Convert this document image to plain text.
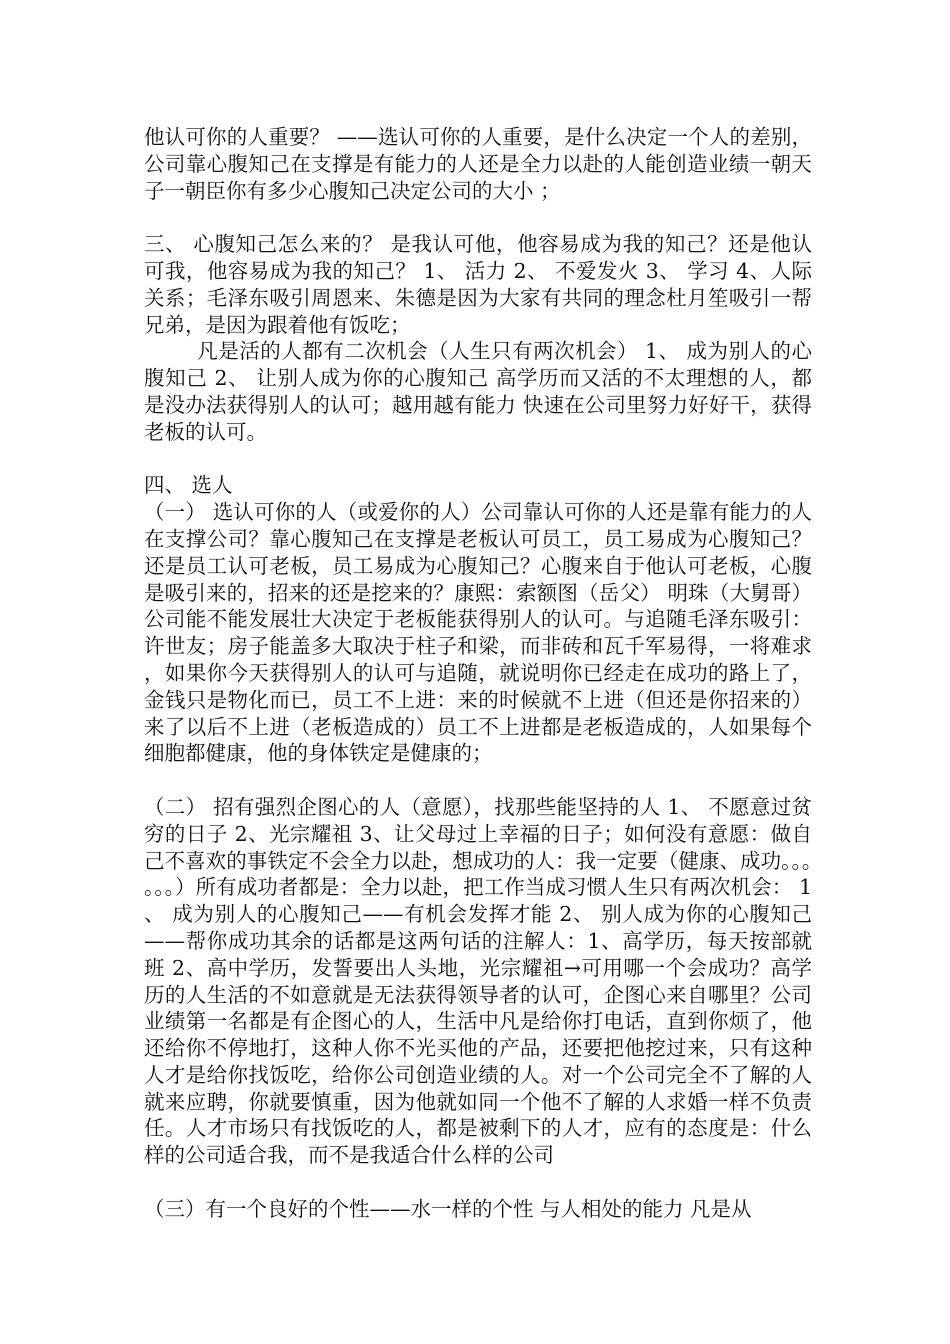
他认可你的人重要？ ——选认可你的人重要，是什么决定一个人的差别，公司靠心腹知己在支撑是有能力的人还是全力以赴的人能创造业绩一朝天子一朝臣你有多少心腹知己决定公司的大小 ；

三、 心腹知己怎么来的？ 是我认可他，他容易成为我的知己？还是他认可我，他容易成为我的知己？ 1、 活力 2、 不爱发火 3、 学习 4、人际关系；毛泽东吸引周恩来、朱德是因为大家有共同的理念杜月笙吸引一帮兄弟，是因为跟着他有饭吃；

凡是活的人都有二次机会（人生只有两次机会） 1、 成为别人的心腹知己 2、 让别人成为你的心腹知己 高学历而又活的不太理想的人，都是没办法获得别人的认可；越用越有能力 快速在公司里努力好好干，获得老板的认可。

四、 选人

（一） 选认可你的人（或爱你的人）公司靠认可你的人还是靠有能力的人在支撑公司？靠心腹知己在支撑是老板认可员工，员工易成为心腹知己？还是员工认可老板，员工易成为心腹知己？心腹来自于他认可老板，心腹是吸引来的，招来的还是挖来的？康熙：索额图（岳父） 明珠（大舅哥）公司能不能发展壮大决定于老板能获得别人的认可。与追随毛泽东吸引：许世友；房子能盖多大取决于柱子和梁，而非砖和瓦千军易得，一将难求，如果你今天获得别人的认可与追随，就说明你已经走在成功的路上了，金钱只是物化而已，员工不上进：来的时候就不上进（但还是你招来的） 来了以后不上进（老板造成的）员工不上进都是老板造成的，人如果每个细胞都健康，他的身体铁定是健康的；

（二） 招有强烈企图心的人（意愿），找那些能坚持的人 1、 不愿意过贫穷的日子 2、光宗耀祖 3、让父母过上幸福的日子；如何没有意愿：做自己不喜欢的事铁定不会全力以赴，想成功的人：我一定要（健康、成功。。。。。。）所有成功者都是：全力以赴，把工作当成习惯人生只有两次机会： 1、 成为别人的心腹知己——有机会发挥才能 2、 别人成为你的心腹知己——帮你成功其余的话都是这两句话的注解人：1、高学历，每天按部就班 2、高中学历，发誓要出人头地，光宗耀祖→可用哪一个会成功？高学历的人生活的不如意就是无法获得领导者的认可，企图心来自哪里？公司业绩第一名都是有企图心的人，生活中凡是给你打电话，直到你烦了，他还给你不停地打，这种人你不光买他的产品，还要把他挖过来，只有这种人才是给你找饭吃，给你公司创造业绩的人。对一个公司完全不了解的人就来应聘，你就要慎重，因为他就如同一个他不了解的人求婚一样不负责任。人才市场只有找饭吃的人，都是被剩下的人才，应有的态度是：什么样的公司适合我，而不是我适合什么样的公司

（三）有一个良好的个性——水一样的个性 与人相处的能力 凡是从
